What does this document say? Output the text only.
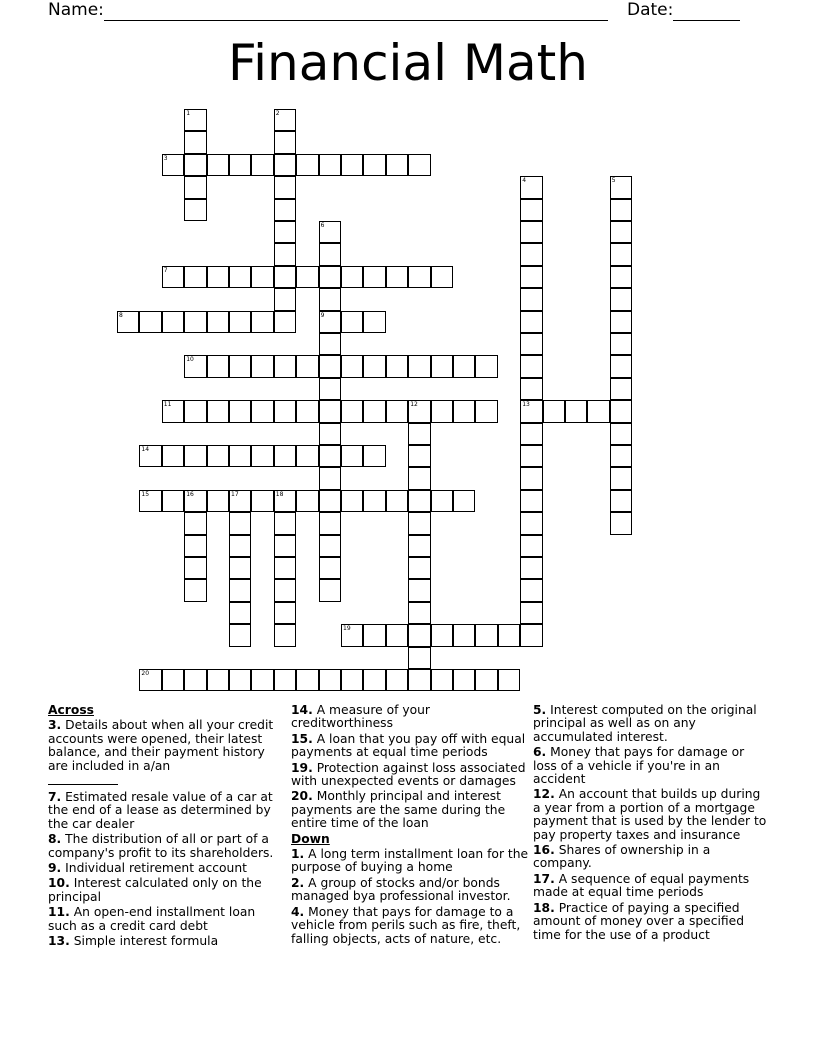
Name:	Date:
Financial Math
1	2
3
4
13
5
6
9
7
8
10
11	12
14
15	16	17	18
19
20
Across
3. Details about when all your credit accounts were opened, their latest balance, and their payment history are included in a/an
7. Estimated resale value of a car at the end of a lease as determined by the car dealer
8. The distribution of all or part of a company's profit to its shareholders.
9. Individual retirement account
10. Interest calculated only on the principal
11. An open-end installment loan such as a credit card debt
13. Simple interest formula
14. A measure of your creditworthiness
15. A loan that you pay off with equal payments at equal time periods
19. Protection against loss associated with unexpected events or damages
20. Monthly principal and interest payments are the same during the entire time of the loan
Down
1. A long term installment loan for the purpose of buying a home
2. A group of stocks and/or bonds managed bya professional investor.
4. Money that pays for damage to a vehicle from perils such as fire, theft, falling objects, acts of nature, etc.
5. Interest computed on the original principal as well as on any accumulated interest.
6. Money that pays for damage or loss of a vehicle if you're in an accident
12. An account that builds up during a year from a portion of a mortgage payment that is used by the lender to pay property taxes and insurance
16. Shares of ownership in a company.
17. A sequence of equal payments made at equal time periods
18. Practice of paying a specified amount of money over a specified time for the use of a product
